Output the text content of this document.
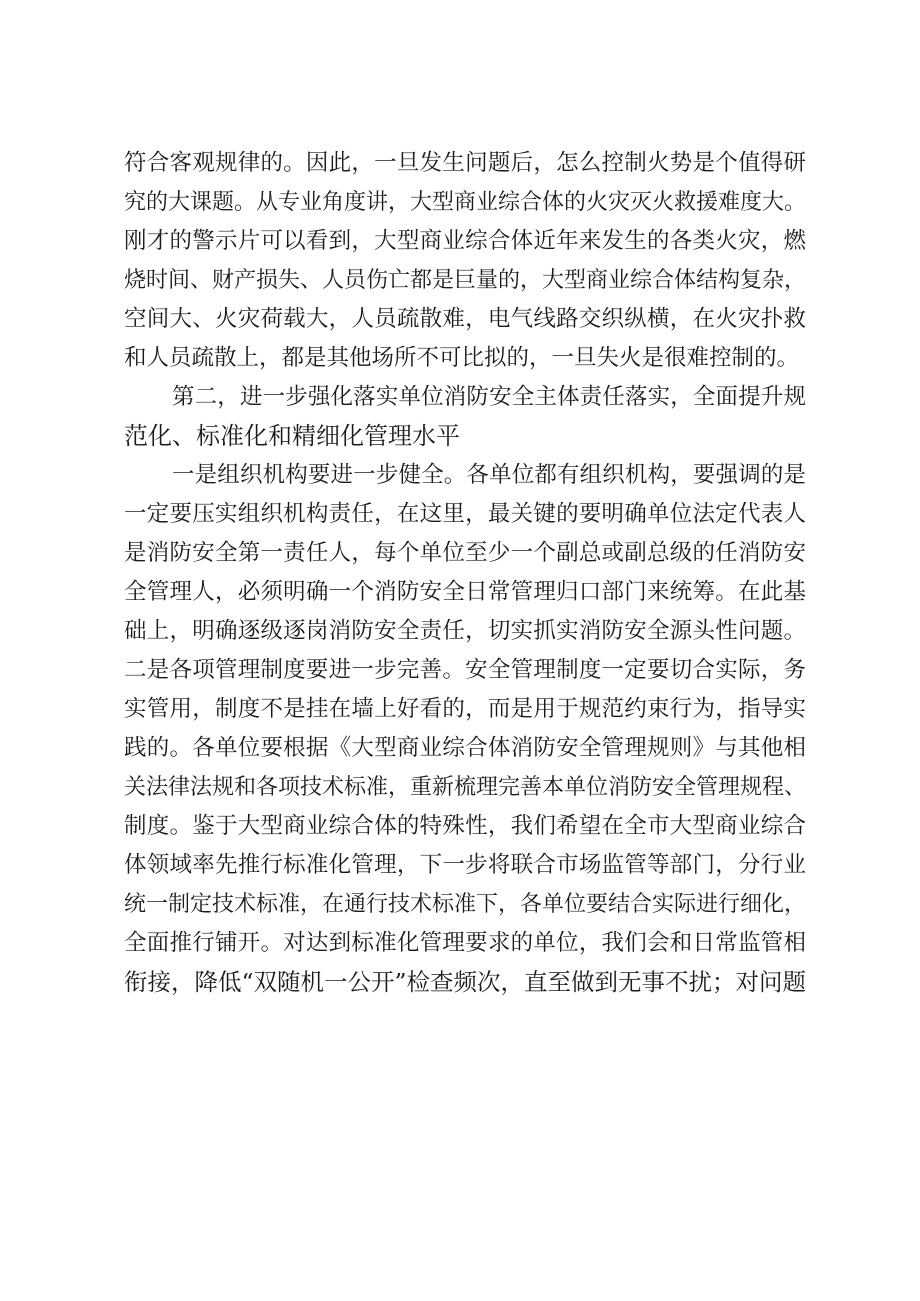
符合客观规律的。因此，一旦发生问题后，怎么控制火势是个值得研
究的大课题。从专业角度讲，大型商业综合体的火灾灭火救援难度大。
刚才的警示片可以看到，大型商业综合体近年来发生的各类火灾，燃
烧时间、财产损失、人员伤亡都是巨量的，大型商业综合体结构复杂，
空间大、火灾荷载大，人员疏散难，电气线路交织纵横，在火灾扑救
和人员疏散上，都是其他场所不可比拟的，一旦失火是很难控制的。
第二，进一步强化落实单位消防安全主体责任落实，全面提升规
范化、标准化和精细化管理水平
一是组织机构要进一步健全。各单位都有组织机构，要强调的是
一定要压实组织机构责任，在这里，最关键的要明确单位法定代表人
是消防安全第一责任人，每个单位至少一个副总或副总级的任消防安
全管理人，必须明确一个消防安全日常管理归口部门来统筹。在此基
础上，明确逐级逐岗消防安全责任，切实抓实消防安全源头性问题。
二是各项管理制度要进一步完善。安全管理制度一定要切合实际，务
实管用，制度不是挂在墙上好看的，而是用于规范约束行为，指导实
践的。各单位要根据《大型商业综合体消防安全管理规则》与其他相
关法律法规和各项技术标准，重新梳理完善本单位消防安全管理规程、
制度。鉴于大型商业综合体的特殊性，我们希望在全市大型商业综合
体领域率先推行标准化管理，下一步将联合市场监管等部门，分行业
统一制定技术标准，在通行技术标准下，各单位要结合实际进行细化，
全面推行铺开。对达到标准化管理要求的单位，我们会和日常监管相
衔接，降低“双随机一公开”检查频次，直至做到无事不扰；对问题
